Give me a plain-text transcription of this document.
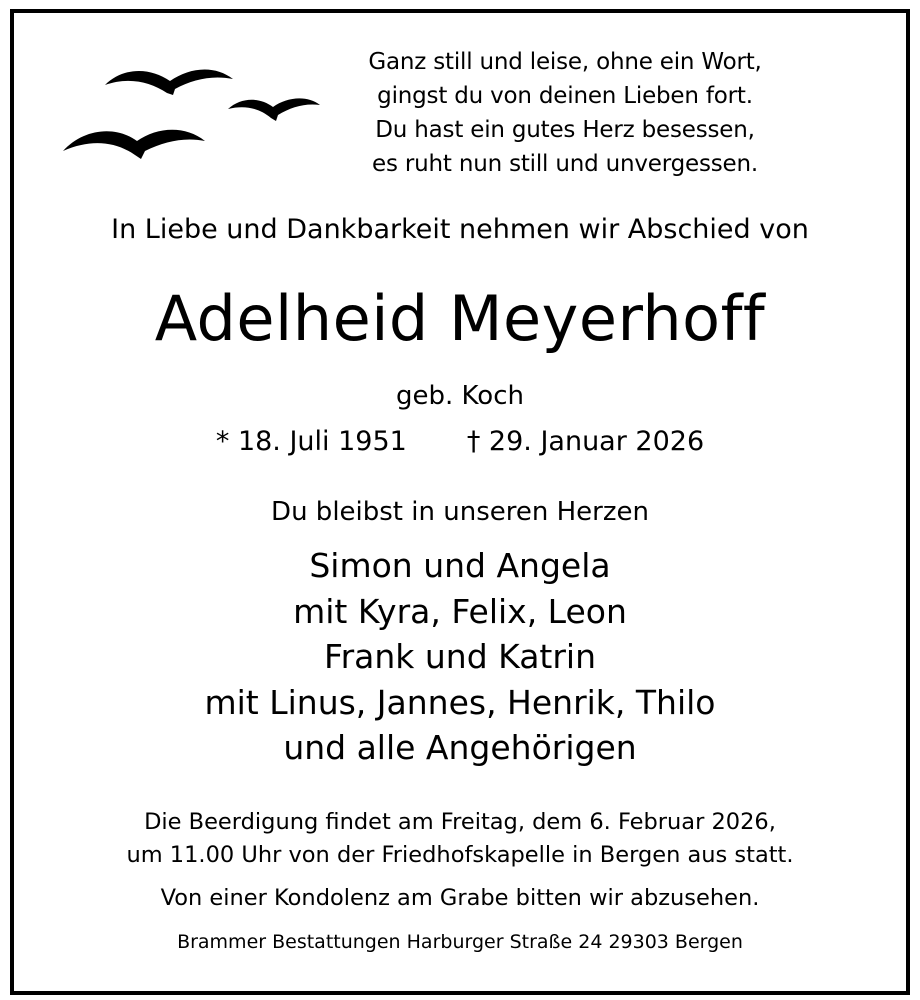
Ganz still und leise, ohne ein Wort,
gingst du von deinen Lieben fort.
Du hast ein gutes Herz besessen,
es ruht nun still und unvergessen.
In Liebe und Dankbarkeit nehmen wir Abschied von
Adelheid Meyerhoff
geb. Koch
* 18. Juli 1951 † 29. Januar 2026
Du bleibst in unseren Herzen
Simon und Angela
mit Kyra, Felix, Leon
Frank und Katrin
mit Linus, Jannes, Henrik, Thilo
und alle Angehörigen
Die Beerdigung findet am Freitag, dem 6. Februar 2026,
um 11.00 Uhr von der Friedhofskapelle in Bergen aus statt.
Von einer Kondolenz am Grabe bitten wir abzusehen.
Brammer Bestattungen Harburger Straße 24 29303 Bergen
